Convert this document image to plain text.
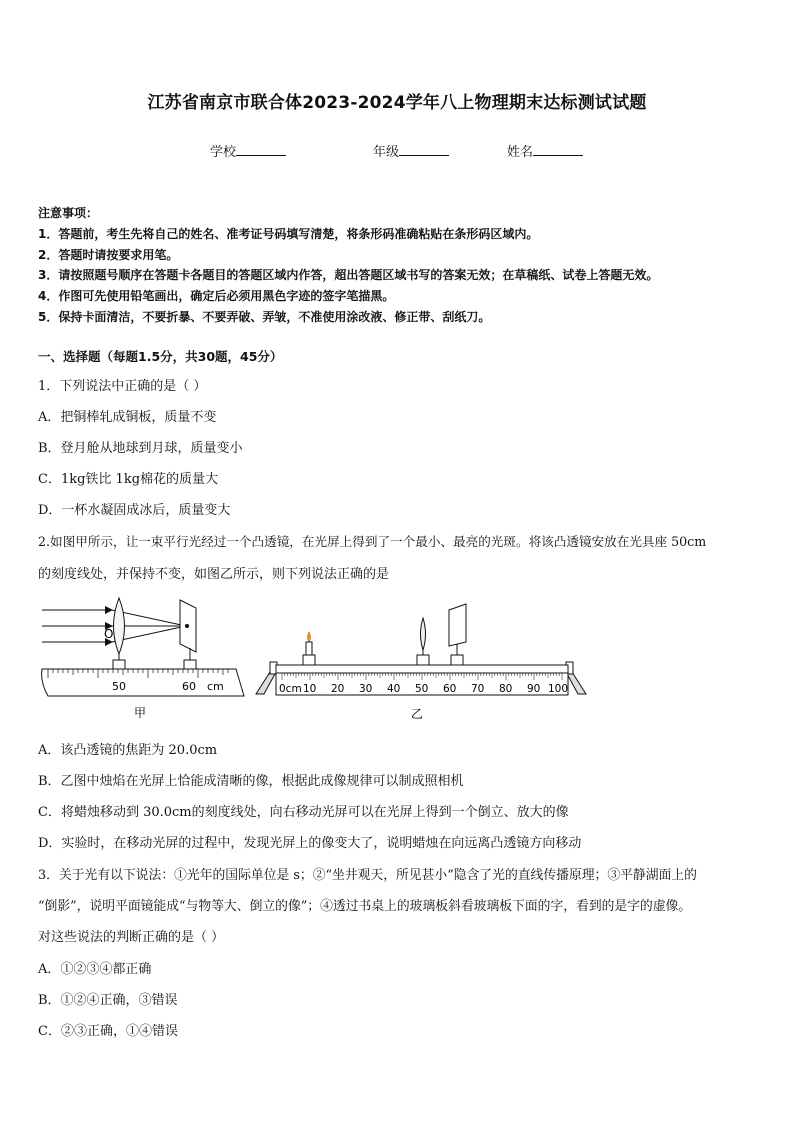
江苏省南京市联合体2023-2024学年八上物理期末达标测试试题
学校	年级	姓名
注意事项：
1．答题前，考生先将自己的姓名、准考证号码填写清楚，将条形码准确粘贴在条形码区域内。
2．答题时请按要求用笔。
3．请按照题号顺序在答题卡各题目的答题区域内作答，超出答题区域书写的答案无效；在草稿纸、试卷上答题无效。
4．作图可先使用铅笔画出，确定后必须用黑色字迹的签字笔描黑。
5．保持卡面清洁，不要折暴、不要弄破、弄皱，不准使用涂改液、修正带、刮纸刀。
一、选择题（每题1.5分，共30题，45分）
1．下列说法中正确的是（ ）
A．把铜棒轧成铜板，质量不变
B．登月舱从地球到月球，质量变小
C．1kg铁比 1kg棉花的质量大
D．一杯水凝固成冰后，质量变大
2.如图甲所示，让一束平行光经过一个凸透镜，在光屏上得到了一个最小、最亮的光斑。将该凸透镜安放在光具座 50cm
的刻度线处，并保持不变，如图乙所示，则下列说法正确的是
O
50	60 cm
甲
0cm 10 20 30 40 50 60 70 80 90 100
乙
A．该凸透镜的焦距为 20.0cm
B．乙图中烛焰在光屏上恰能成清晰的像，根据此成像规律可以制成照相机
C．将蜡烛移动到 30.0cm的刻度线处，向右移动光屏可以在光屏上得到一个倒立、放大的像
D．实验时，在移动光屏的过程中，发现光屏上的像变大了，说明蜡烛在向远离凸透镜方向移动
3．关于光有以下说法：①光年的国际单位是 s；②“坐井观天，所见甚小”隐含了光的直线传播原理；③平静湖面上的
“倒影”，说明平面镜能成“与物等大、倒立的像”；④透过书桌上的玻璃板斜看玻璃板下面的字，看到的是字的虚像。
对这些说法的判断正确的是（ ）
A．①②③④都正确
B．①②④正确，③错误
C．②③正确，①④错误
